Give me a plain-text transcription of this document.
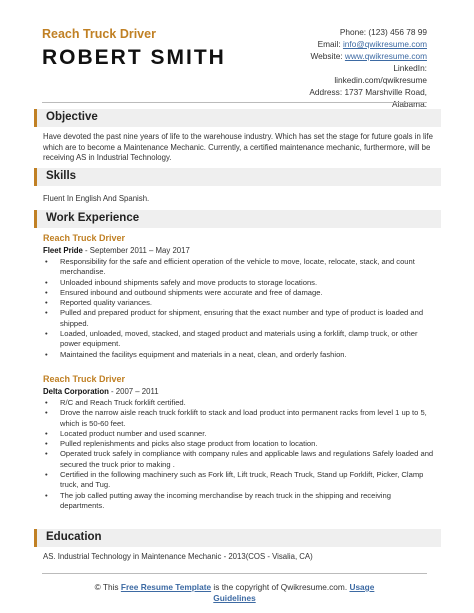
Reach Truck Driver
ROBERT SMITH
Phone: (123) 456 78 99
Email: info@qwikresume.com
Website: www.qwikresume.com
LinkedIn:
linkedin.com/qwikresume
Address: 1737 Marshville Road,
Alabama.
Objective
Have devoted the past nine years of life to the warehouse industry. Which has set the stage for future goals in life which are to become a Maintenance Mechanic. Currently, a certified maintenance mechanic, furthermore, will be receiving AS in Industrial Technology.
Skills
Fluent In English And Spanish.
Work Experience
Reach Truck Driver
Fleet Pride - September 2011 – May 2017
• Responsibility for the safe and efficient operation of the vehicle to move, locate, relocate, stack, and count merchandise.
• Unloaded inbound shipments safely and move products to storage locations.
• Ensured inbound and outbound shipments were accurate and free of damage.
• Reported quality variances.
• Pulled and prepared product for shipment, ensuring that the exact number and type of product is loaded and shipped.
• Loaded, unloaded, moved, stacked, and staged product and materials using a forklift, clamp truck, or other power equipment.
• Maintained the facilitys equipment and materials in a neat, clean, and orderly fashion.
Reach Truck Driver
Delta Corporation - 2007 – 2011
• R/C and Reach Truck forklift certified.
• Drove the narrow aisle reach truck forklift to stack and load product into permanent racks from level 1 up to 5, which is 50-60 feet.
• Located product number and used scanner.
• Pulled replenishments and picks also stage product from location to location.
• Operated truck safely in compliance with company rules and applicable laws and regulations Safely loaded and secured the truck prior to making .
• Certified in the following machinery such as Fork lift, Lift truck, Reach Truck, Stand up Forklift, Picker, Clamp truck, and Tug.
• The job called putting away the incoming merchandise by reach truck in the shipping and receiving departments.
Education
AS. Industrial Technology in Maintenance Mechanic - 2013(COS - Visalia, CA)
© This Free Resume Template is the copyright of Qwikresume.com. Usage
Guidelines
